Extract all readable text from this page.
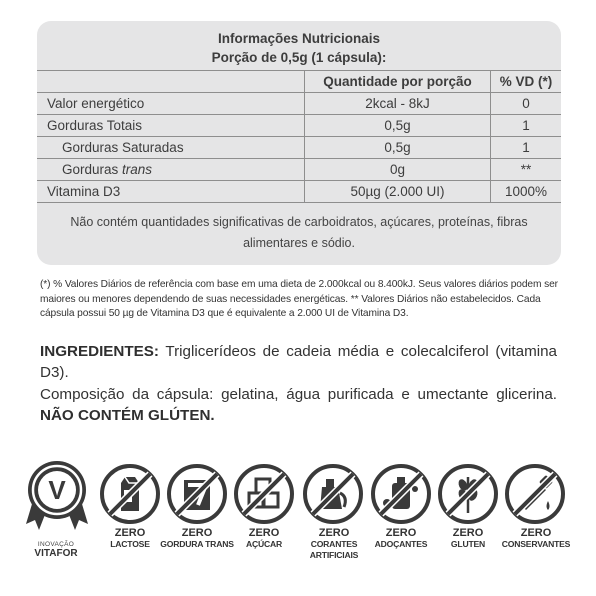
Informações Nutricionais
Porção de 0,5g (1 cápsula):
	Quantidade por porção	% VD (*)
Valor energético	2kcal - 8kJ	0
Gorduras Totais	0,5g	1
Gorduras Saturadas	0,5g	1
Gorduras trans	0g	**
Vitamina D3	50µg (2.000 UI)	1000%
Não contém quantidades significativas de carboidratos, açúcares, proteínas, fibras alimentares e sódio.
(*) % Valores Diários de referência com base em uma dieta de 2.000kcal ou 8.400kJ. Seus valores diários podem ser maiores ou menores dependendo de suas necessidades energéticas. ** Valores Diários não estabelecidos. Cada cápsula possui 50 µg de Vitamina D3 que é equivalente a 2.000 UI de Vitamina D3.
INGREDIENTES: Triglicerídeos de cadeia média e colecalciferol (vitamina D3).
Composição da cápsula: gelatina, água purificada e umectante glicerina. NÃO CONTÉM GLÚTEN.
V
INOVAÇÃO
VITAFOR
ZERO
LACTOSE
ZERO
GORDURA TRANS
ZERO
AÇÚCAR
ZERO
CORANTES ARTIFICIAIS
ZERO
ADOÇANTES
ZERO
GLUTEN
ZERO
CONSERVANTES
